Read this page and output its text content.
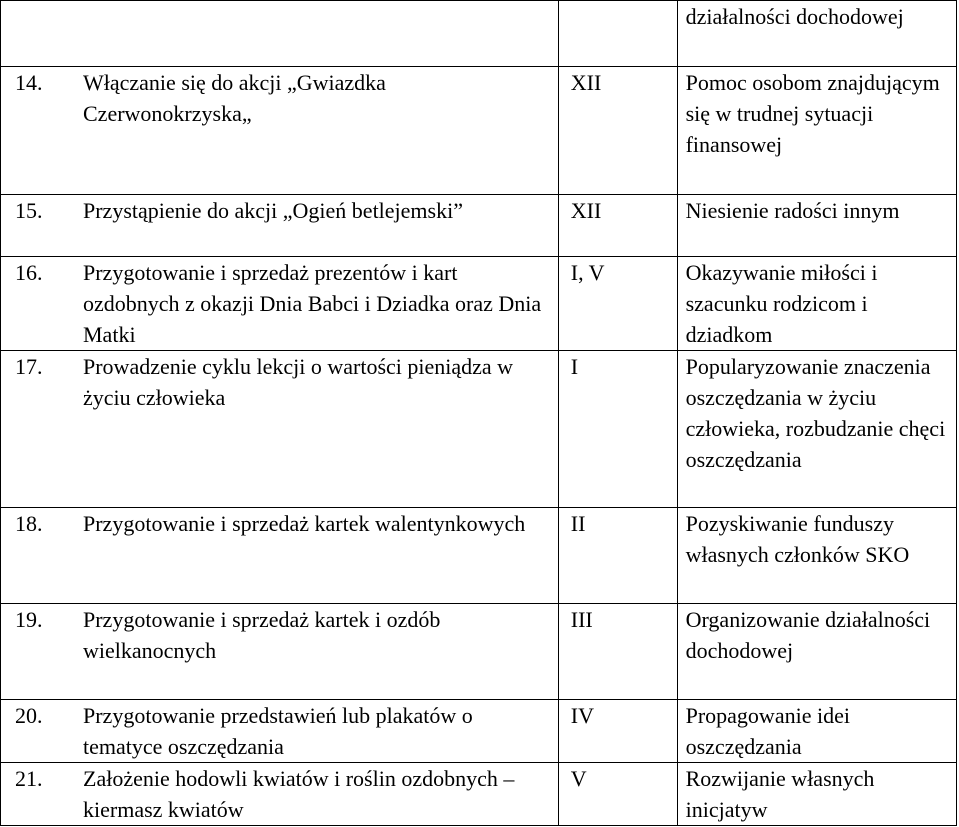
		działalności dochodowej
14. Włączanie się do akcji „Gwiazdka Czerwonokrzyska„	XII	Pomoc osobom znajdującym się w trudnej sytuacji finansowej
15. Przystąpienie do akcji „Ogień betlejemski”	XII	Niesienie radości innym
16. Przygotowanie i sprzedaż prezentów i kart ozdobnych z okazji Dnia Babci i Dziadka oraz Dnia Matki	I, V	Okazywanie miłości i szacunku rodzicom i dziadkom
17. Prowadzenie cyklu lekcji o wartości pieniądza w życiu człowieka	I	Popularyzowanie znaczenia oszczędzania w życiu człowieka, rozbudzanie chęci oszczędzania
18. Przygotowanie i sprzedaż kartek walentynkowych	II	Pozyskiwanie funduszy własnych członków SKO
19. Przygotowanie i sprzedaż kartek i ozdób wielkanocnych	III	Organizowanie działalności dochodowej
20. Przygotowanie przedstawień lub plakatów o tematyce oszczędzania	IV	Propagowanie idei oszczędzania
21. Założenie hodowli kwiatów i roślin ozdobnych – kiermasz kwiatów	V	Rozwijanie własnych inicjatyw
